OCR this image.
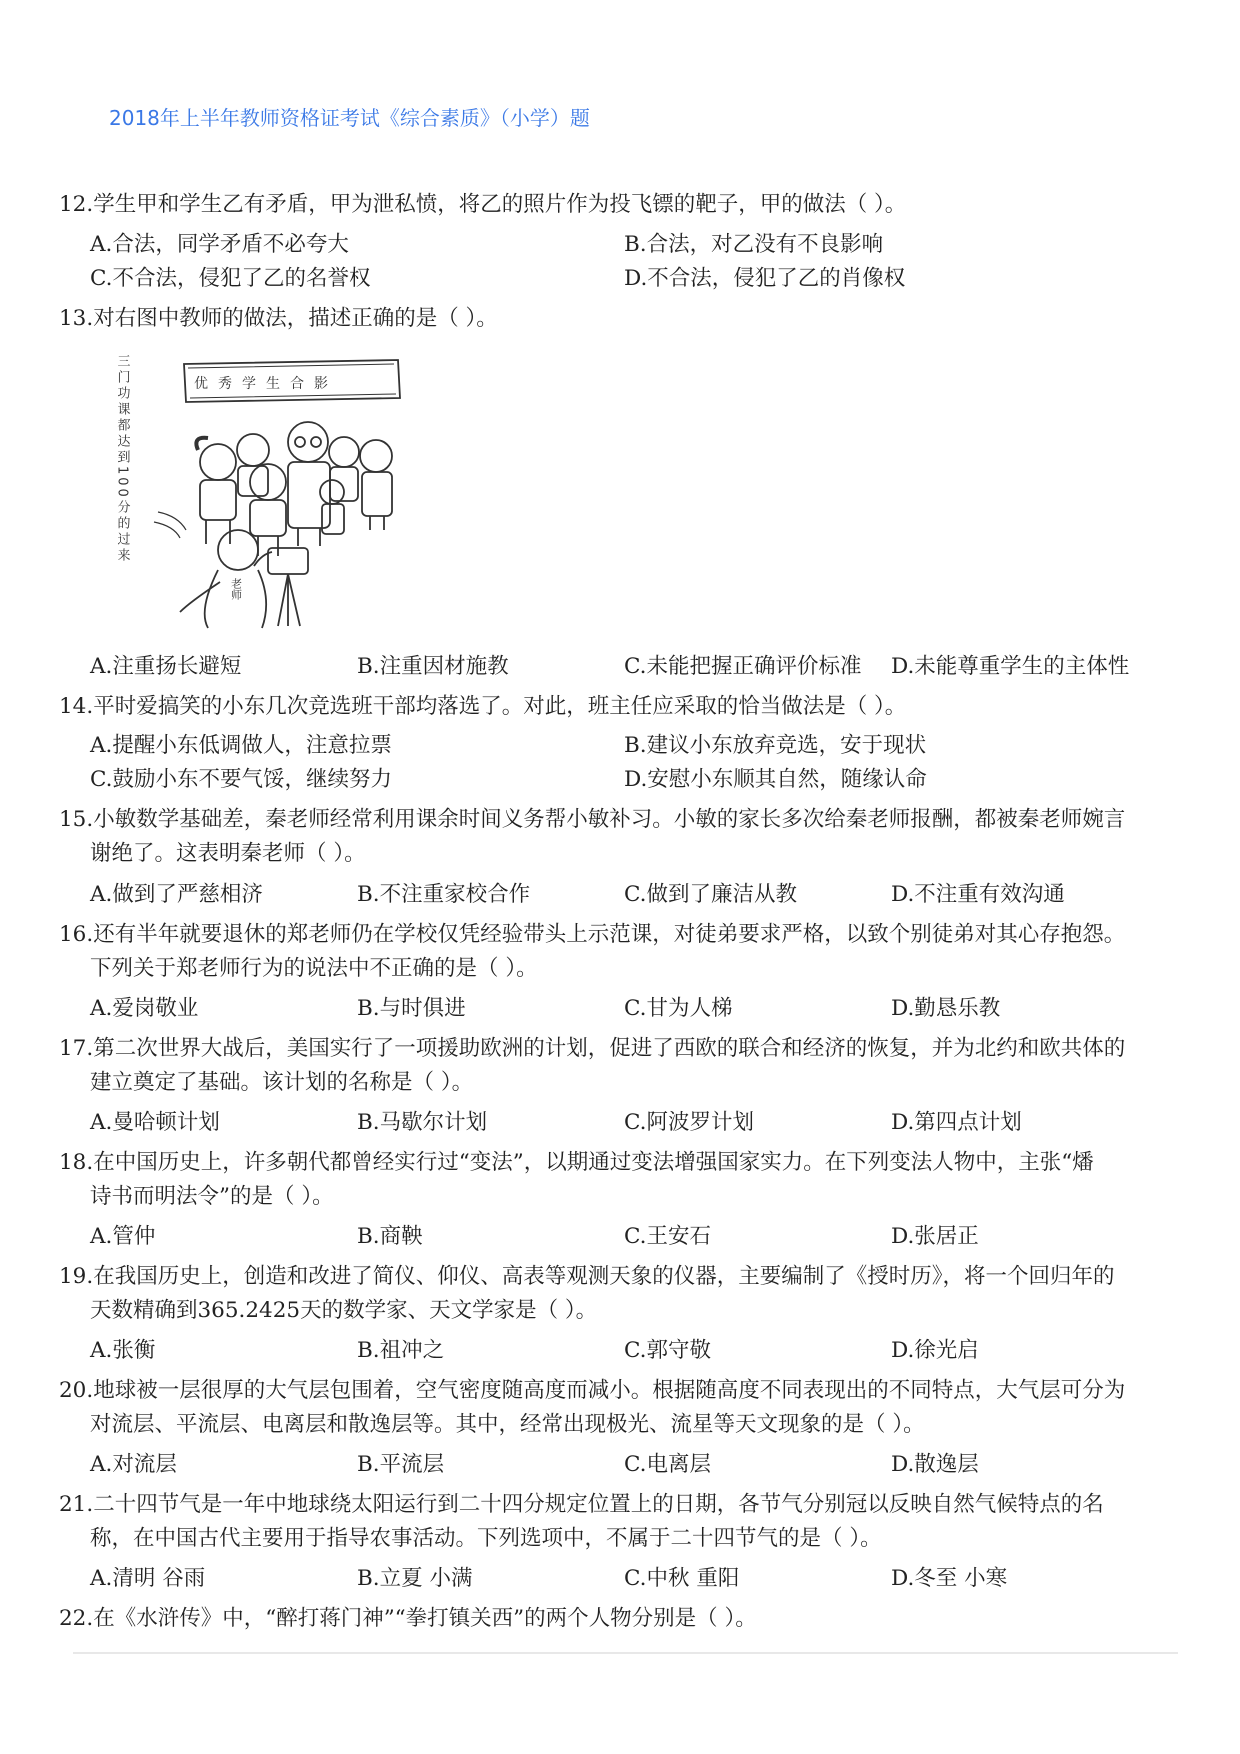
2018年上半年教师资格证考试《综合素质》（小学）题
12.学生甲和学生乙有矛盾，甲为泄私愤，将乙的照片作为投飞镖的靶子，甲的做法（ ）。
A.合法，同学矛盾不必夸大	B.合法，对乙没有不良影响
C.不合法，侵犯了乙的名誉权	D.不合法，侵犯了乙的肖像权
13.对右图中教师的做法，描述正确的是（ ）。
优秀学生合影
老师
三门功课都达到100分的过来
A.注重扬长避短	B.注重因材施教	C.未能把握正确评价标准 D.未能尊重学生的主体性
14.平时爱搞笑的小东几次竞选班干部均落选了。对此，班主任应采取的恰当做法是（ ）。
A.提醒小东低调做人，注意拉票	B.建议小东放弃竞选，安于现状
C.鼓励小东不要气馁，继续努力	D.安慰小东顺其自然，随缘认命
15.小敏数学基础差，秦老师经常利用课余时间义务帮小敏补习。小敏的家长多次给秦老师报酬，都被秦老师婉言
谢绝了。这表明秦老师（ ）。
A.做到了严慈相济	B.不注重家校合作	C.做到了廉洁从教	D.不注重有效沟通
16.还有半年就要退休的郑老师仍在学校仅凭经验带头上示范课，对徒弟要求严格，以致个别徒弟对其心存抱怨。
下列关于郑老师行为的说法中不正确的是（ ）。
A.爱岗敬业	B.与时俱进	C.甘为人梯	D.勤恳乐教
17.第二次世界大战后，美国实行了一项援助欧洲的计划，促进了西欧的联合和经济的恢复，并为北约和欧共体的
建立奠定了基础。该计划的名称是（ ）。
A.曼哈顿计划	B.马歇尔计划	C.阿波罗计划	D.第四点计划
18.在中国历史上，许多朝代都曾经实行过“变法”，以期通过变法增强国家实力。在下列变法人物中，主张“燔
诗书而明法令”的是（ ）。
A.管仲	B.商鞅	C.王安石	D.张居正
19.在我国历史上，创造和改进了简仪、仰仪、高表等观测天象的仪器，主要编制了《授时历》，将一个回归年的
天数精确到365.2425天的数学家、天文学家是（ ）。
A.张衡	B.祖冲之	C.郭守敬	D.徐光启
20.地球被一层很厚的大气层包围着，空气密度随高度而减小。根据随高度不同表现出的不同特点，大气层可分为
对流层、平流层、电离层和散逸层等。其中，经常出现极光、流星等天文现象的是（ ）。
A.对流层	B.平流层	C.电离层	D.散逸层
21.二十四节气是一年中地球绕太阳运行到二十四分规定位置上的日期，各节气分别冠以反映自然气候特点的名
称，在中国古代主要用于指导农事活动。下列选项中，不属于二十四节气的是（ ）。
A.清明 谷雨	B.立夏 小满	C.中秋 重阳	D.冬至 小寒
22.在《水浒传》中，“醉打蒋门神”“拳打镇关西”的两个人物分别是（ ）。
